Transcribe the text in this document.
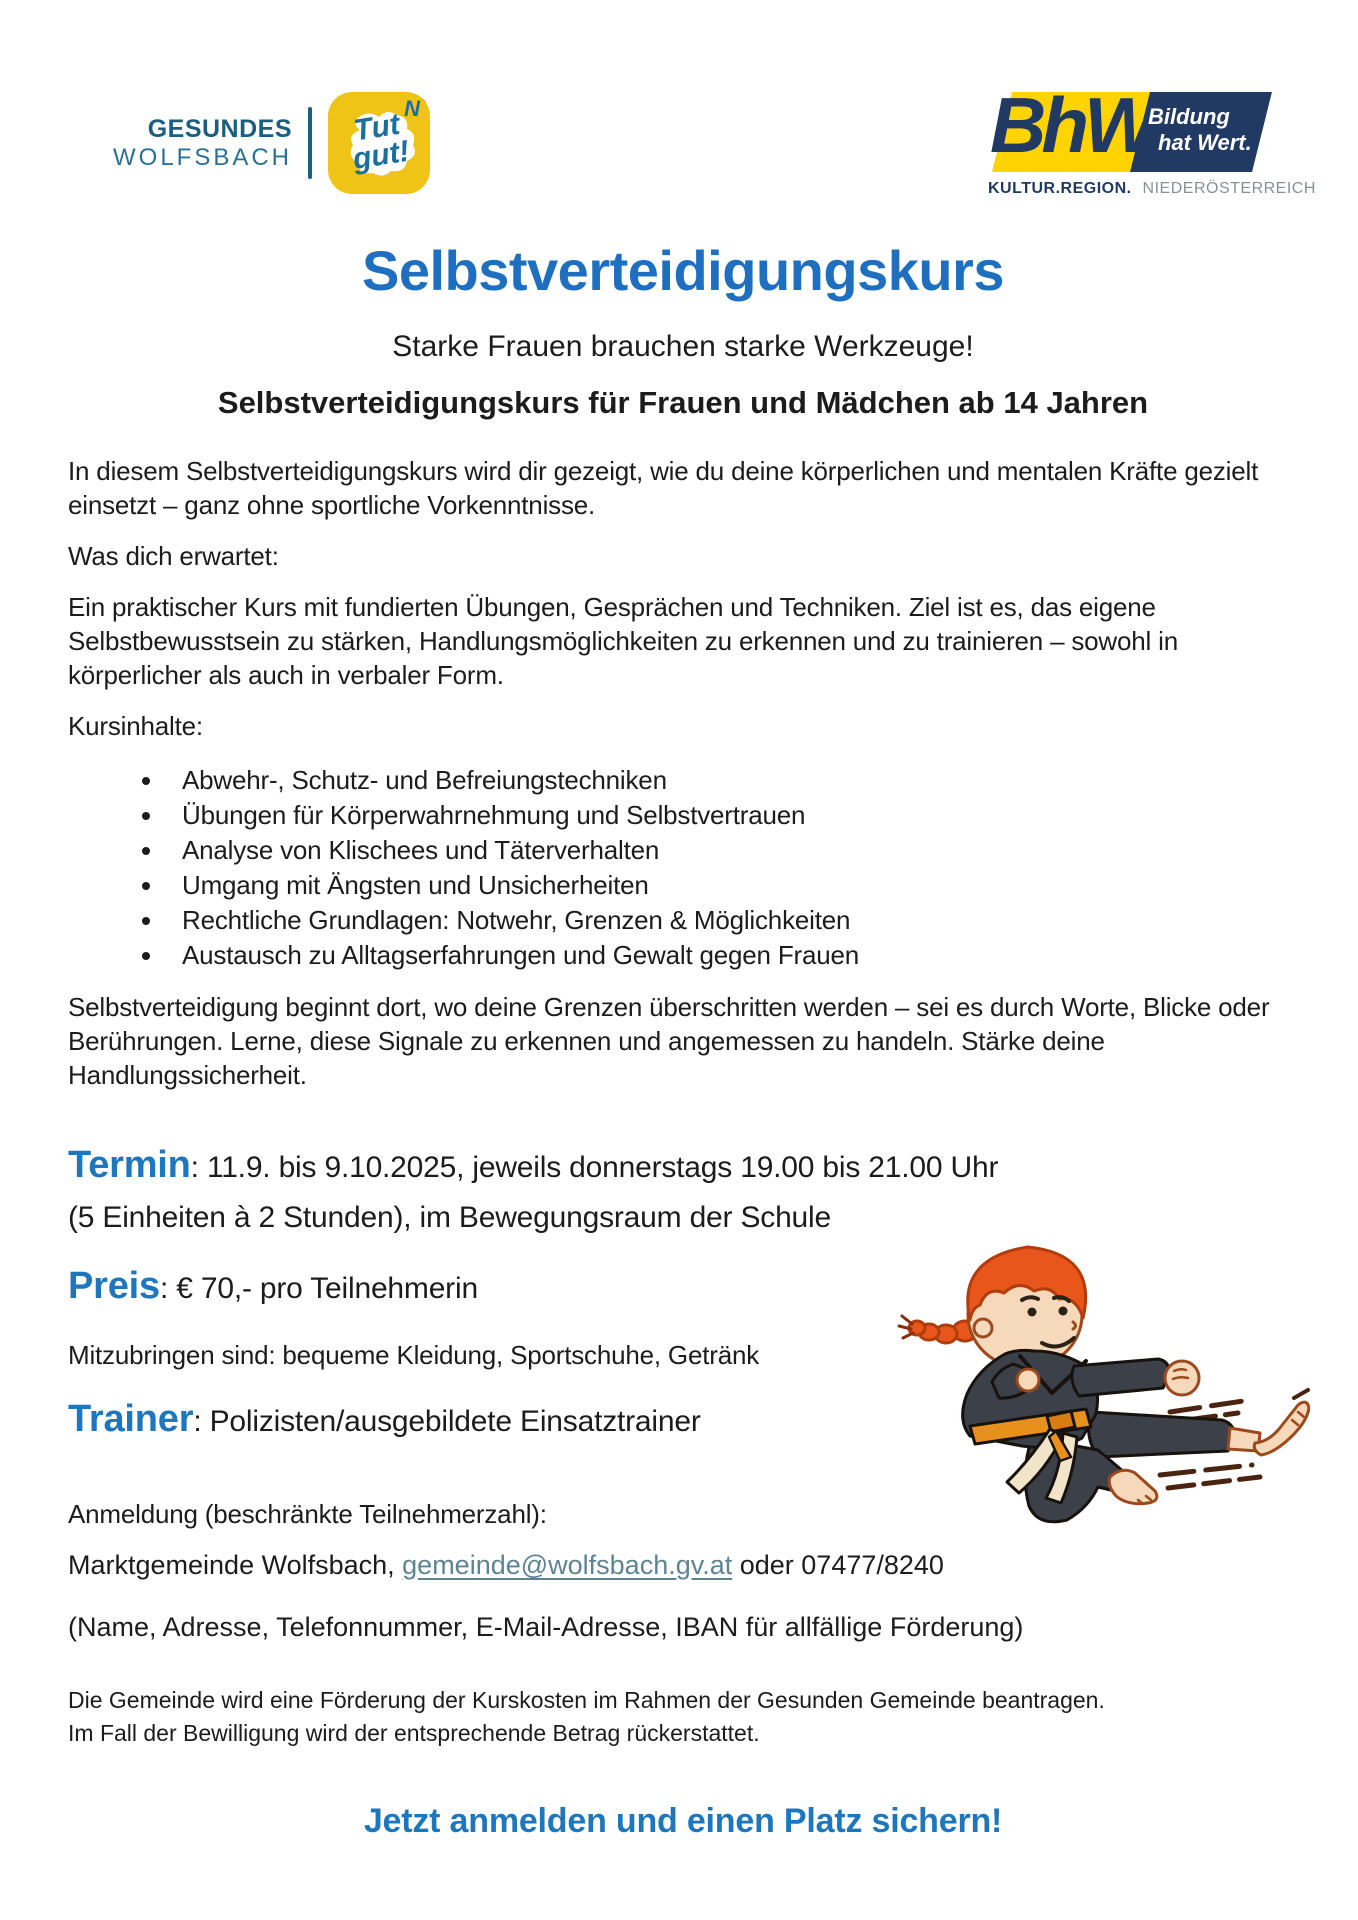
GESUNDES
WOLFSBACH
N
Tut gut!	BhW
Bildung
hat Wert.
KULTUR.REGION. NIEDERÖSTERREICH
Selbstverteidigungskurs

Starke Frauen brauchen starke Werkzeuge!

Selbstverteidigungskurs für Frauen und Mädchen ab 14 Jahren

In diesem Selbstverteidigungskurs wird dir gezeigt, wie du deine körperlichen und mentalen Kräfte gezielt einsetzt – ganz ohne sportliche Vorkenntnisse.

Was dich erwartet:

Ein praktischer Kurs mit fundierten Übungen, Gesprächen und Techniken. Ziel ist es, das eigene Selbstbewusstsein zu stärken, Handlungsmöglichkeiten zu erkennen und zu trainieren – sowohl in körperlicher als auch in verbaler Form.

Kursinhalte:

Abwehr-, Schutz- und Befreiungstechniken
Übungen für Körperwahrnehmung und Selbstvertrauen
Analyse von Klischees und Täterverhalten
Umgang mit Ängsten und Unsicherheiten
Rechtliche Grundlagen: Notwehr, Grenzen & Möglichkeiten
Austausch zu Alltagserfahrungen und Gewalt gegen Frauen

Selbstverteidigung beginnt dort, wo deine Grenzen überschritten werden – sei es durch Worte, Blicke oder Berührungen. Lerne, diese Signale zu erkennen und angemessen zu handeln. Stärke deine Handlungssicherheit.

Termin: 11.9. bis 9.10.2025, jeweils donnerstags 19.00 bis 21.00 Uhr

(5 Einheiten à 2 Stunden), im Bewegungsraum der Schule

Preis: € 70,- pro Teilnehmerin

Mitzubringen sind: bequeme Kleidung, Sportschuhe, Getränk

Trainer: Polizisten/ausgebildete Einsatztrainer

Anmeldung (beschränkte Teilnehmerzahl):

Marktgemeinde Wolfsbach, gemeinde@wolfsbach.gv.at oder 07477/8240

(Name, Adresse, Telefonnummer, E-Mail-Adresse, IBAN für allfällige Förderung)

Die Gemeinde wird eine Förderung der Kurskosten im Rahmen der Gesunden Gemeinde beantragen.
Im Fall der Bewilligung wird der entsprechende Betrag rückerstattet.

Jetzt anmelden und einen Platz sichern!
